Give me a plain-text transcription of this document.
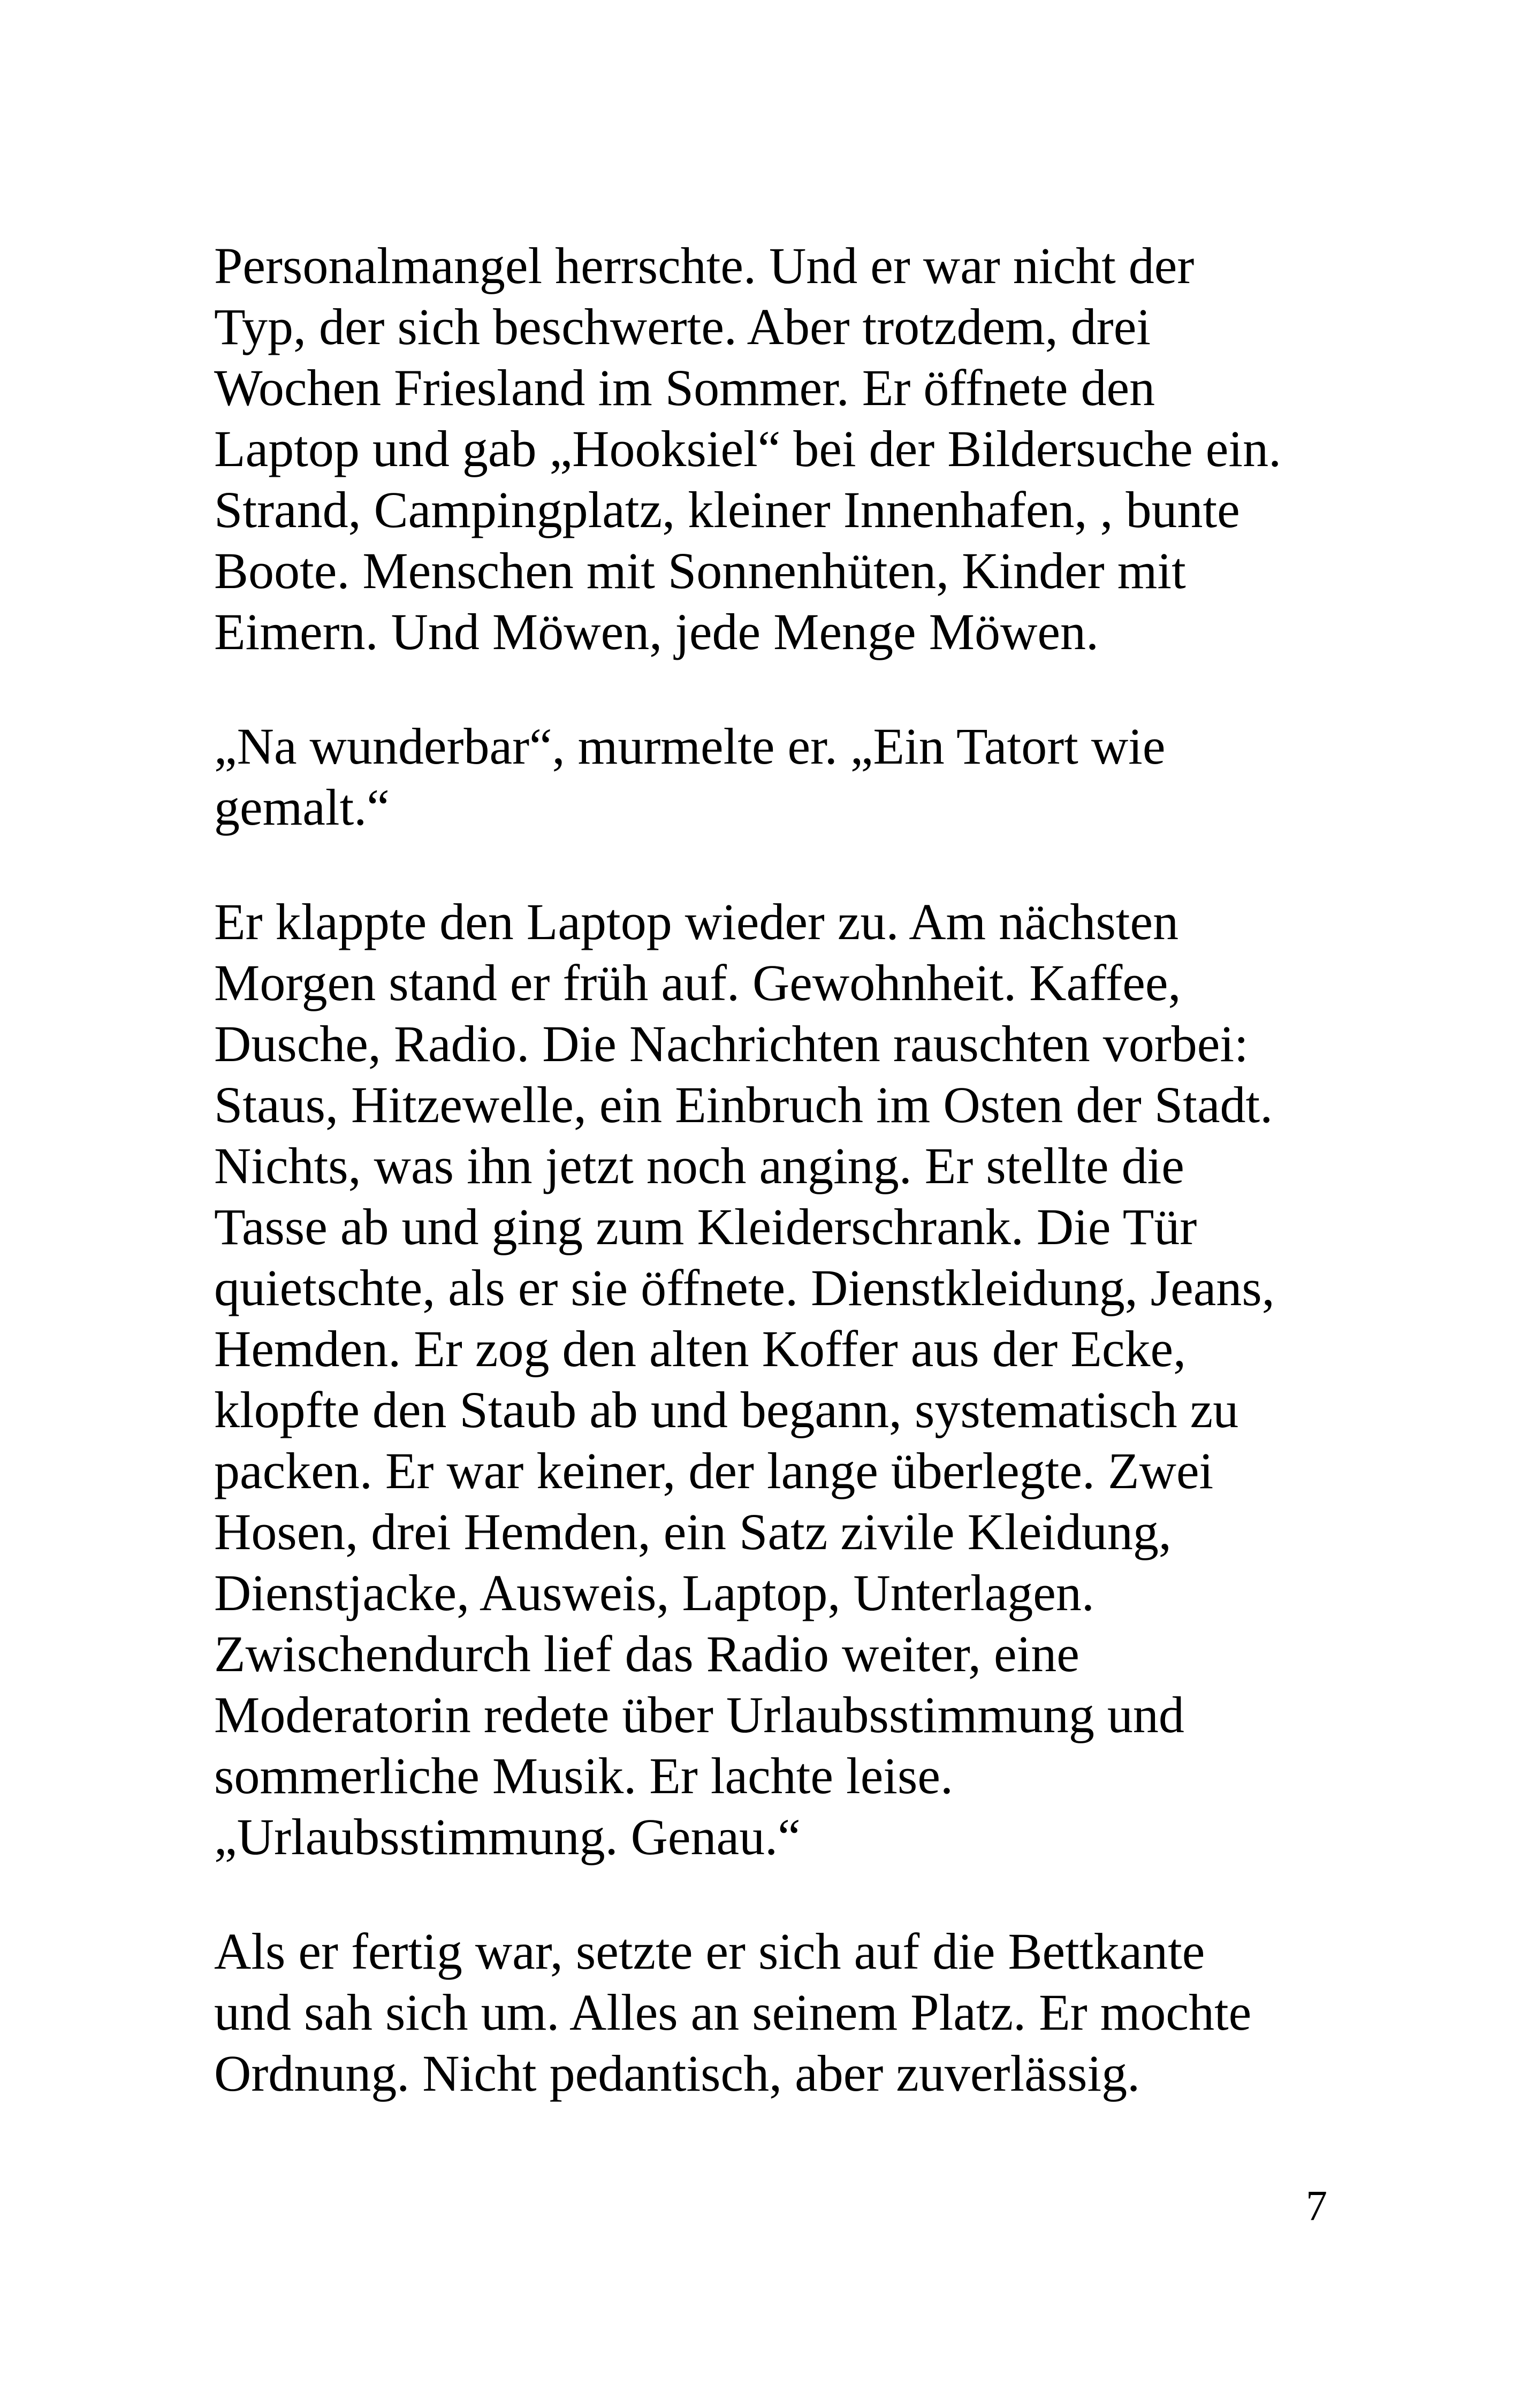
Personalmangel herrschte. Und er war nicht der
Typ, der sich beschwerte. Aber trotzdem, drei
Wochen Friesland im Sommer. Er öffnete den
Laptop und gab „Hooksiel“ bei der Bildersuche ein.
Strand, Campingplatz, kleiner Innenhafen, , bunte
Boote. Menschen mit Sonnenhüten, Kinder mit
Eimern. Und Möwen, jede Menge Möwen.

„Na wunderbar“, murmelte er. „Ein Tatort wie
gemalt.“

Er klappte den Laptop wieder zu. Am nächsten
Morgen stand er früh auf. Gewohnheit. Kaffee,
Dusche, Radio. Die Nachrichten rauschten vorbei:
Staus, Hitzewelle, ein Einbruch im Osten der Stadt.
Nichts, was ihn jetzt noch anging. Er stellte die
Tasse ab und ging zum Kleiderschrank. Die Tür
quietschte, als er sie öffnete. Dienstkleidung, Jeans,
Hemden. Er zog den alten Koffer aus der Ecke,
klopfte den Staub ab und begann, systematisch zu
packen. Er war keiner, der lange überlegte. Zwei
Hosen, drei Hemden, ein Satz zivile Kleidung,
Dienstjacke, Ausweis, Laptop, Unterlagen.
Zwischendurch lief das Radio weiter, eine
Moderatorin redete über Urlaubsstimmung und
sommerliche Musik. Er lachte leise.
„Urlaubsstimmung. Genau.“

Als er fertig war, setzte er sich auf die Bettkante
und sah sich um. Alles an seinem Platz. Er mochte
Ordnung. Nicht pedantisch, aber zuverlässig.

7
